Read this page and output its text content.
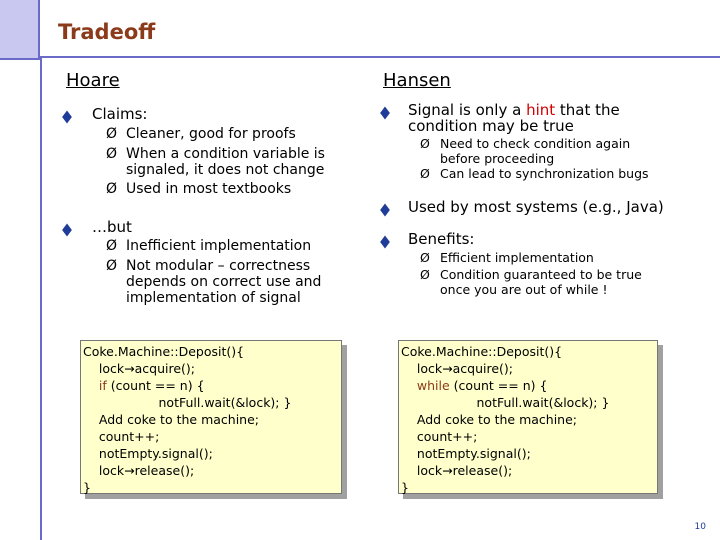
Tradeoff
Hoare
Claims:
Ø Cleaner, good for proofs
Ø When a condition variable is signaled, it does not change
Ø Used in most textbooks
…but
Ø Inefficient implementation
Ø Not modular – correctness depends on correct use and implementation of signal
Coke.Machine::Deposit(){
lock→acquire();
if (count == n) {
notFull.wait(&lock); }
Add coke to the machine;
count++;
notEmpty.signal();
lock→release();
}
Hansen
Signal is only a hint that the condition may be true
Ø Need to check condition again before proceeding
Ø Can lead to synchronization bugs
Used by most systems (e.g., Java)
Benefits:
Ø Efficient implementation
Ø Condition guaranteed to be true once you are out of while !
Coke.Machine::Deposit(){
lock→acquire();
while (count == n) {
notFull.wait(&lock); }
Add coke to the machine;
count++;
notEmpty.signal();
lock→release();
}
10
